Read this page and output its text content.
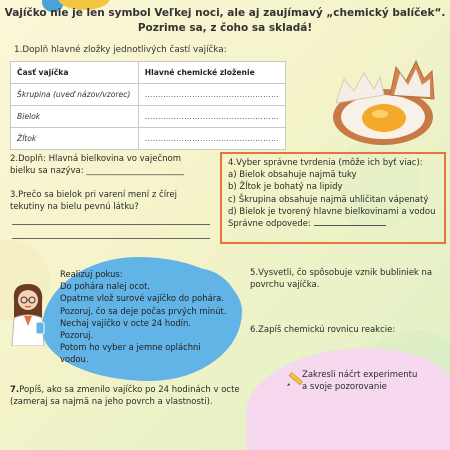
Vajíčko nie je len symbol Veľkej noci, ale aj zaujímavý „chemický balíček“.
Pozrime sa, z čoho sa skladá!
1.Doplň hlavné zložky jednotlivých častí vajíčka:
Časť vajíčka	Hlavné chemické zloženie
Škrupina (uveď názov/vzorec)	……………………………………………
Bielok	……………………………………………
Žĺtok	……………………………………………
2.Doplň: Hlavná bielkovina vo vaječnom
bielku sa nazýva: _______________________
3.Prečo sa bielok pri varení mení z čírej
tekutiny na bielu pevnú látku?
4.Vyber správne tvrdenia (môže ich byť viac):
a) Bielok obsahuje najmä tuky
b) Žĺtok je bohatý na lipidy
c) Škrupina obsahuje najmä uhličitan vápenatý
d) Bielok je tvorený hlavne bielkovinami a vodou
Správne odpovede:

Realizuj pokus:

Do pohára nalej ocot.

Opatrne vlož surové vajíčko do pohára.

Pozoruj, čo sa deje počas prvých minút.

Nechaj vajíčko v octe 24 hodín.

Pozoruj.

Potom ho vyber a jemne opláchni

vodou.

5.Vysvetli, čo spôsobuje vznik bubliniek na
povrchu vajíčka.
6.Zapíš chemickú rovnicu reakcie:
Zakresli náčrt experimentu
a svoje pozorovanie
7.Popíš, ako sa zmenilo vajíčko po 24 hodinách v octe
(zameraj sa najmä na jeho povrch a vlastnosti).
